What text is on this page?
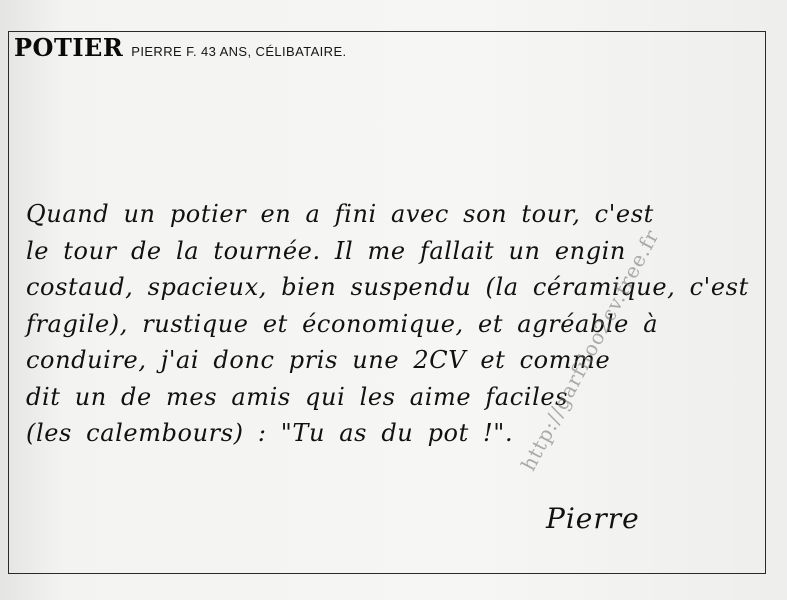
POTIER PIERRE F. 43 ANS, CÉLIBATAIRE.
Quand un potier en a fini avec son tour, c'est
le tour de la tournée. Il me fallait un engin
costaud, spacieux, bien suspendu (la céramique, c'est
fragile), rustique et économique, et agréable à
conduire, j'ai donc pris une 2CV et comme
dit un de mes amis qui les aime faciles
(les calembours) : "Tu as du pot !".
Pierre
http://garfiloo2cv.free.fr
